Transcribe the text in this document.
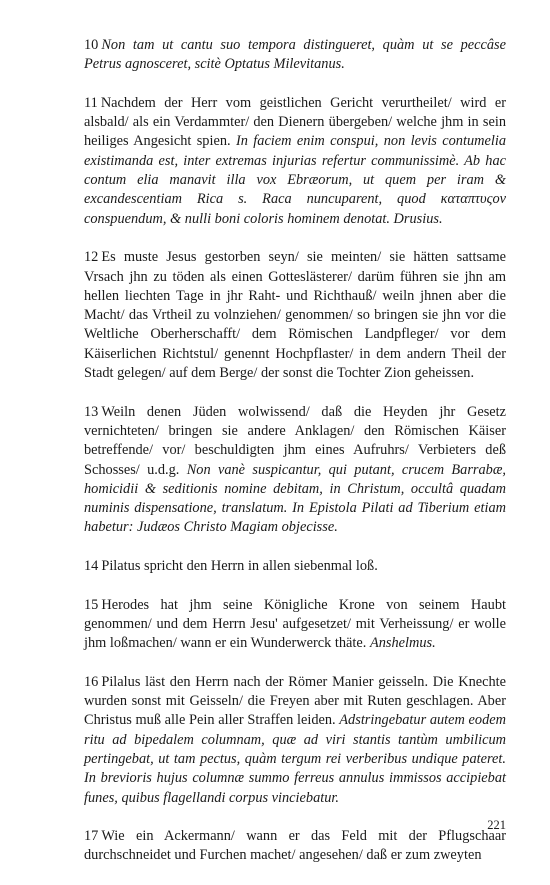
10 Non tam ut cantu suo tempora distingueret, quàm ut se peccâse Petrus agnosceret, scitè Optatus Milevitanus.

11 Nachdem der Herr vom geistlichen Gericht verurtheilet/ wird er alsbald/ als ein Verdammter/ den Dienern übergeben/ welche jhm in sein heiliges Angesicht spien. In faciem enim conspui, non levis contumelia existimanda est, inter extremas injurias refertur communissimè. Ab hac contum elia manavit illa vox Ebræorum, ut quem per iram & excandescentiam Rica s. Raca nuncuparent, quod καταπτυςον conspuendum, & nulli boni coloris hominem denotat. Drusius.

12 Es muste Jesus gestorben seyn/ sie meinten/ sie hätten sattsame Vrsach jhn zu töden als einen Gotteslästerer/ darüm führen sie jhn am hellen liechten Tage in jhr Raht- und Richthauß/ weiln jhnen aber die Macht/ das Vrtheil zu volnziehen/ genommen/ so bringen sie jhn vor die Weltliche Oberherschafft/ dem Römischen Landpfleger/ vor dem Käiserlichen Richtstul/ genennt Hochpflaster/ in dem andern Theil der Stadt gelegen/ auf dem Berge/ der sonst die Tochter Zion geheissen.

13 Weiln denen Jüden wolwissend/ daß die Heyden jhr Gesetz vernichteten/ bringen sie andere Anklagen/ den Römischen Käiser betreffende/ vor/ beschuldigten jhm eines Aufruhrs/ Verbieters deß Schosses/ u.d.g. Non vanè suspicantur, qui putant, crucem Barrabæ, homicidii & seditionis nomine debitam, in Christum, occultâ quadam numinis dispensatione, translatum. In Epistola Pilati ad Tiberium etiam habetur: Judæos Christo Magiam objecisse.

14 Pilatus spricht den Herrn in allen siebenmal loß.

15 Herodes hat jhm seine Königliche Krone von seinem Haubt genommen/ und dem Herrn Jesu' aufgesetzet/ mit Verheissung/ er wolle jhm loßmachen/ wann er ein Wunderwerck thäte. Anshelmus.

16 Pilalus läst den Herrn nach der Römer Manier geisseln. Die Knechte wurden sonst mit Geisseln/ die Freyen aber mit Ruten geschlagen. Aber Christus muß alle Pein aller Straffen leiden. Adstringebatur autem eodem ritu ad bipedalem columnam, quæ ad viri stantis tantùm umbilicum pertingebat, ut tam pectus, quàm tergum rei verberibus undique pateret. In brevioris hujus columnæ summo ferreus annulus immissos accipiebat funes, quibus flagellandi corpus vinciebatur.

17 Wie ein Ackermann/ wann er das Feld mit der Pflugschaar durchschneidet und Furchen machet/ angesehen/ daß er zum zweyten

221
